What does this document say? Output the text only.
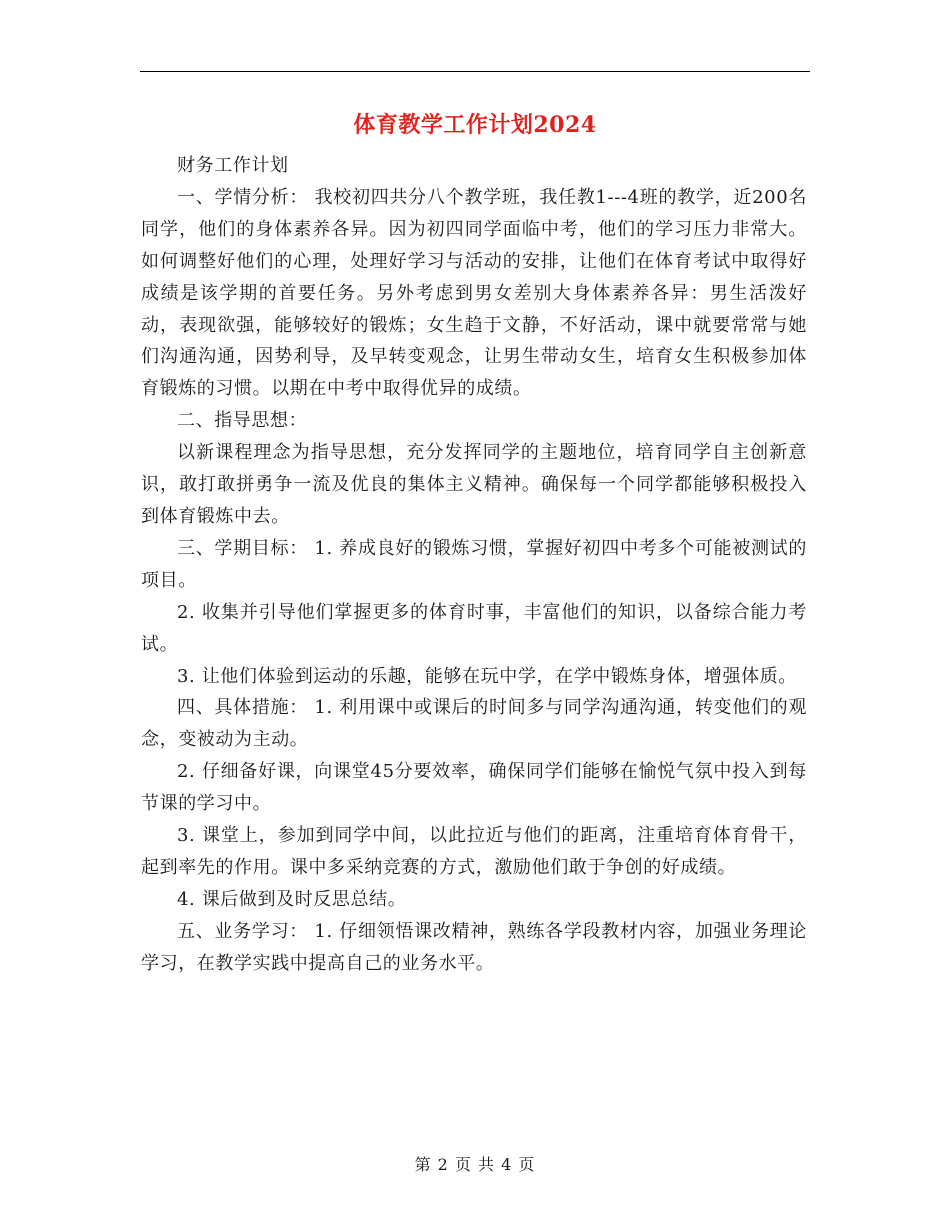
体育教学工作计划2024

财务工作计划

一、学情分析： 我校初四共分八个教学班，我任教1---4班的教学，近200名同学，他们的身体素养各异。因为初四同学面临中考，他们的学习压力非常大。如何调整好他们的心理，处理好学习与活动的安排，让他们在体育考试中取得好成绩是该学期的首要任务。另外考虑到男女差别大身体素养各异：男生活泼好动，表现欲强，能够较好的锻炼；女生趋于文静，不好活动，课中就要常常与她们沟通沟通，因势利导，及早转变观念，让男生带动女生，培育女生积极参加体育锻炼的习惯。以期在中考中取得优异的成绩。

二、指导思想：

以新课程理念为指导思想，充分发挥同学的主题地位，培育同学自主创新意识，敢打敢拼勇争一流及优良的集体主义精神。确保每一个同学都能够积极投入到体育锻炼中去。

三、学期目标： 1. 养成良好的锻炼习惯，掌握好初四中考多个可能被测试的项目。

2. 收集并引导他们掌握更多的体育时事，丰富他们的知识，以备综合能力考试。

3. 让他们体验到运动的乐趣，能够在玩中学，在学中锻炼身体，增强体质。

四、具体措施： 1. 利用课中或课后的时间多与同学沟通沟通，转变他们的观念，变被动为主动。

2. 仔细备好课，向课堂45分要效率，确保同学们能够在愉悦气氛中投入到每节课的学习中。

3. 课堂上，参加到同学中间，以此拉近与他们的距离，注重培育体育骨干，起到率先的作用。课中多采纳竞赛的方式，激励他们敢于争创的好成绩。

4. 课后做到及时反思总结。

五、业务学习： 1. 仔细领悟课改精神，熟练各学段教材内容，加强业务理论学习，在教学实践中提高自己的业务水平。

第 2 页 共 4 页
